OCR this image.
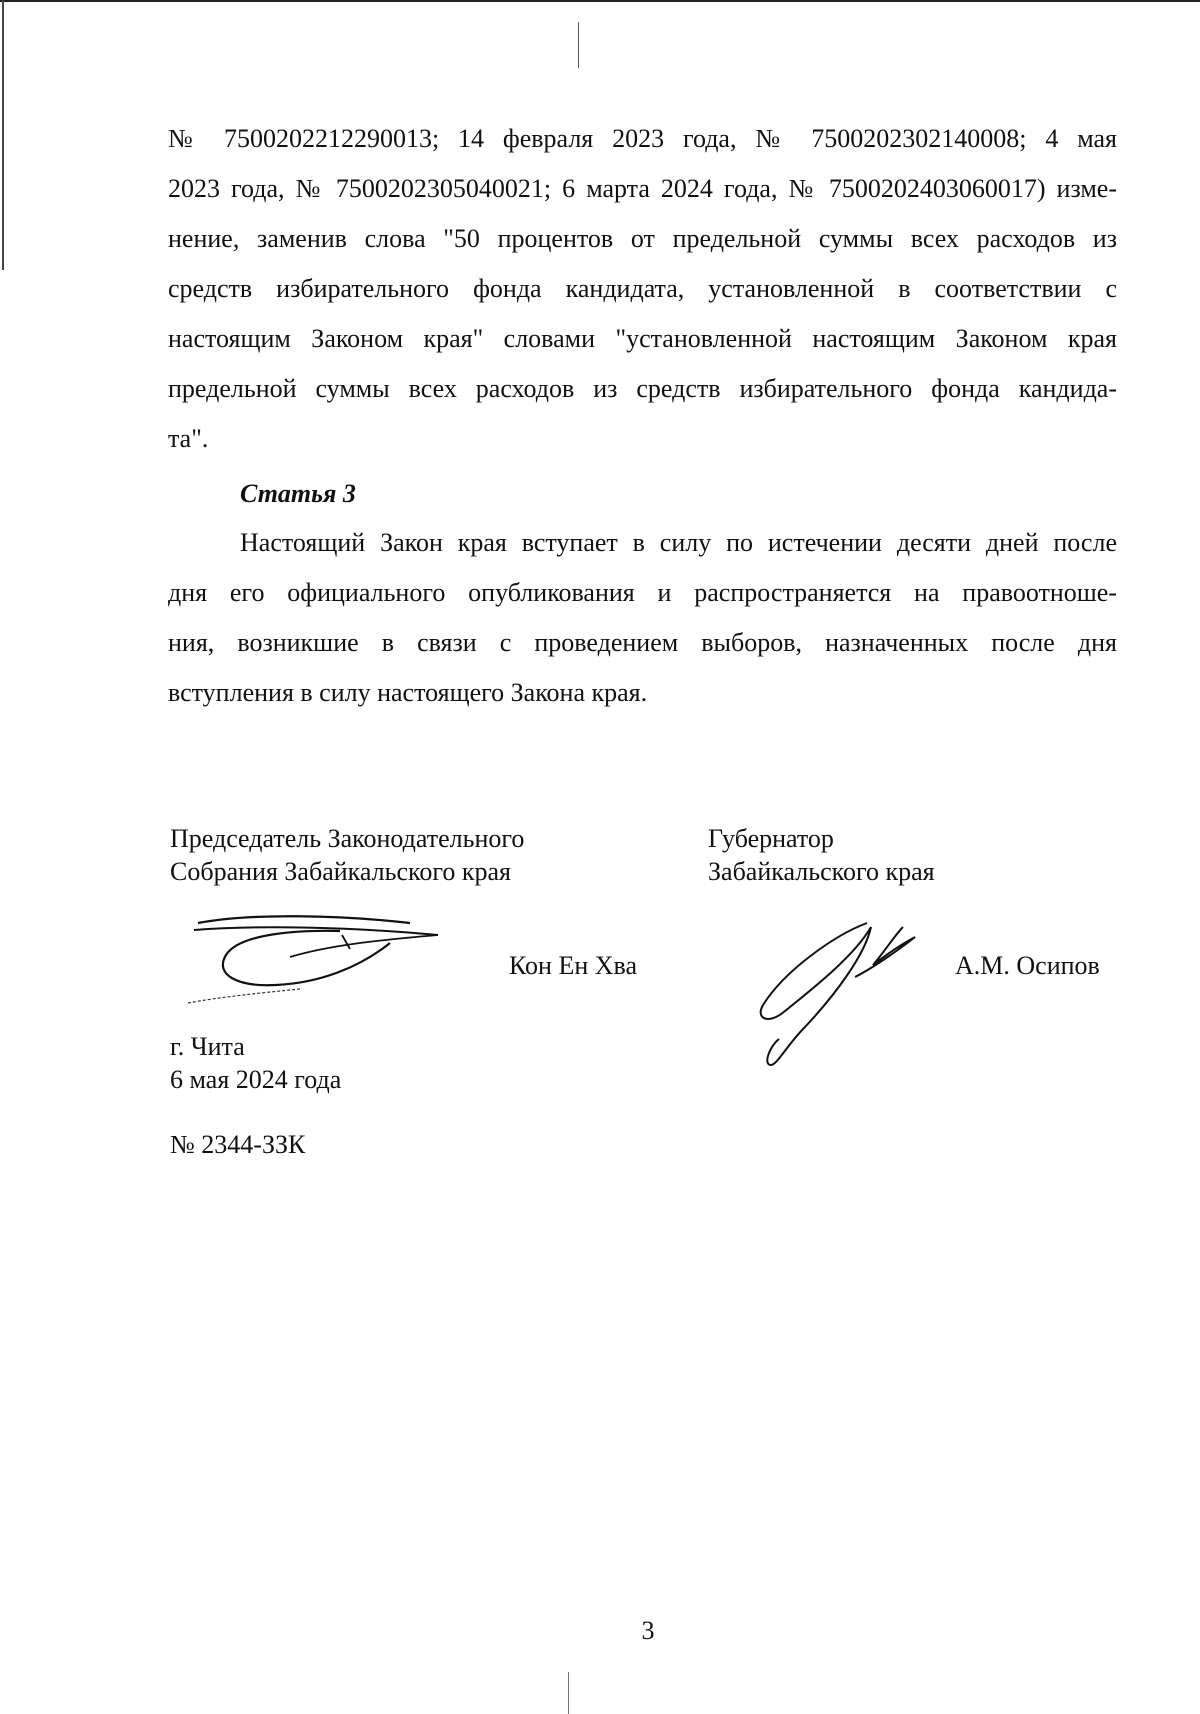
№ 7500202212290013; 14 февраля 2023 года, № 7500202302140008; 4 мая
2023 года, № 7500202305040021; 6 марта 2024 года, № 7500202403060017) изме-
нение, заменив слова "50 процентов от предельной суммы всех расходов из
средств избирательного фонда кандидата, установленной в соответствии с
настоящим Законом края" словами "установленной настоящим Законом края
предельной суммы всех расходов из средств избирательного фонда кандида-
та".
Статья 3
Настоящий Закон края вступает в силу по истечении десяти дней после
дня его официального опубликования и распространяется на правоотноше-
ния, возникшие в связи с проведением выборов, назначенных после дня
вступления в силу настоящего Закона края.
Председатель Законодательного
Собрания Забайкальского края
Кон Ен Хва
Губернатор
Забайкальского края
А.М. Осипов
г. Чита
6 мая 2024 года
№ 2344-ЗЗК
3
